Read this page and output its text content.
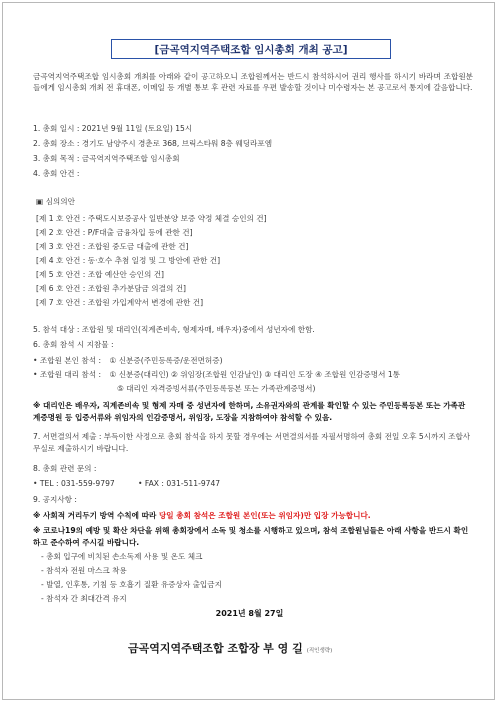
[금곡역지역주택조합 임시총회 개최 공고]
금곡역지역주택조합 임시총회 개최를 아래와 같이 공고하오니 조합원께서는 반드시 참석하시어 권리 행사를 하시기 바라며 조합원분들에게 임시총회 개최 전 휴대폰, 이메일 등 개별 통보 후 관련 자료를 우편 발송할 것이나 미수령자는 본 공고로서 통지에 갈음합니다.
1. 총회 일시 : 2021년 9월 11일 (토요일) 15시
2. 총회 장소 : 경기도 남양주시 경춘로 368, 브릭스타워 8층 웨딩라포엠
3. 총회 목적 : 금곡역지역주택조합 임시총회
4. 총회 안건 :
▣ 심의의안
[제 1 호 안건 : 주택도시보증공사 일반분양 보증 약정 체결 승인의 건]
[제 2 호 안건 : P/F대출 금융차입 등에 관한 건]
[제 3 호 안건 : 조합원 중도금 대출에 관한 건]
[제 4 호 안건 : 동·호수 추첨 일정 및 그 방안에 관한 건]
[제 5 호 안건 : 조합 예산안 승인의 건]
[제 6 호 안건 : 조합원 추가분담금 의결의 건]
[제 7 호 안건 : 조합원 가입계약서 변경에 관한 건]
5. 참석 대상 : 조합원 및 대리인(직계존비속, 형제자매, 배우자)중에서 성년자에 한함.
6. 총회 참석 시 지참물 :
• 조합원 본인 참석 : ① 신분증(주민등록증/운전면허증)
• 조합원 대리 참석 : ① 신분증(대리인) ② 위임장(조합원 인감날인) ③ 대리인 도장 ④ 조합원 인감증명서 1통
⑤ 대리인 자격증빙서류(주민등록등본 또는 가족관계증명서)
※ 대리인은 배우자, 직계존비속 및 형제 자매 중 성년자에 한하며, 소유권자와의 관계를 확인할 수 있는 주민등록등본 또는 가족관계증명원 등 입증서류와 위임자의 인감증명서, 위임장, 도장을 지참하여야 참석할 수 있음.
7. 서면결의서 제출 : 부득이한 사정으로 총회 참석을 하지 못할 경우에는 서면결의서를 자필서명하여 총회 전일 오후 5시까지 조합사무실로 제출하시기 바랍니다.
8. 총회 관련 문의 :
• TEL : 031-559-9797	• FAX : 031-511-9747
9. 공지사항 :
※ 사회적 거리두기 방역 수칙에 따라 당일 총회 참석은 조합원 본인(또는 위임자)만 입장 가능합니다.
※ 코로나19의 예방 및 확산 차단을 위해 총회장에서 소독 및 청소를 시행하고 있으며, 참석 조합원님들은 아래 사항을 반드시 확인하고 준수하여 주시길 바랍니다.
- 총회 입구에 비치된 손소독제 사용 및 온도 체크
- 참석자 전원 마스크 착용
- 발열, 인후통, 기침 등 호흡기 질환 유증상자 출입금지
- 참석자 간 최대간격 유지
2021년 8월 27일
금곡역지역주택조합 조합장 부 영 길 (직인생략)
